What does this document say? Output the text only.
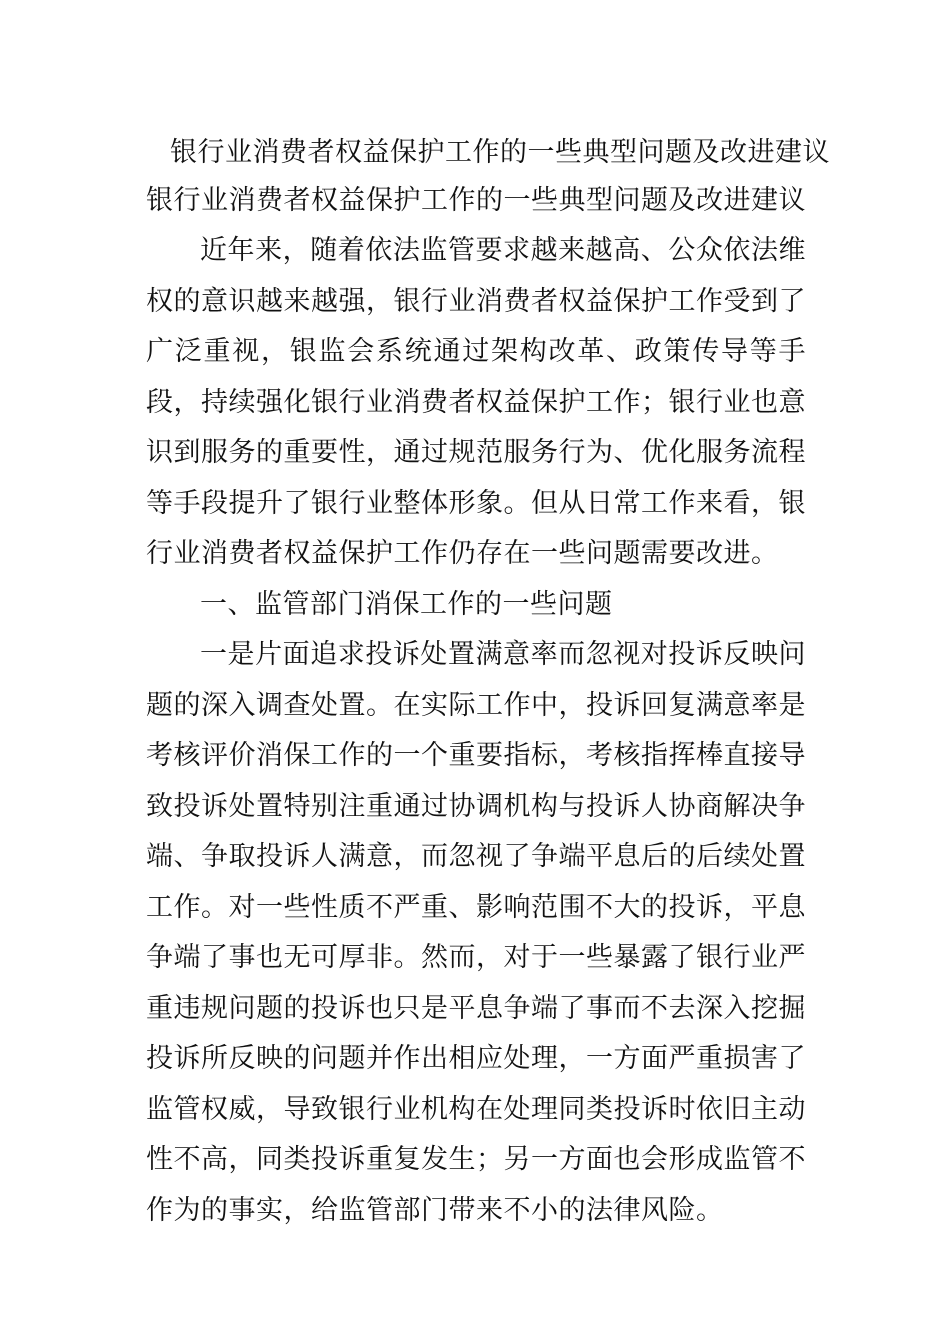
银行业消费者权益保护工作的一些典型问题及改进建议
银行业消费者权益保护工作的一些典型问题及改进建议

近年来，随着依法监管要求越来越高、公众依法维权的意识越来越强，银行业消费者权益保护工作受到了广泛重视，银监会系统通过架构改革、政策传导等手段，持续强化银行业消费者权益保护工作；银行业也意识到服务的重要性，通过规范服务行为、优化服务流程等手段提升了银行业整体形象。但从日常工作来看，银行业消费者权益保护工作仍存在一些问题需要改进。

一、监管部门消保工作的一些问题

一是片面追求投诉处置满意率而忽视对投诉反映问题的深入调查处置。在实际工作中，投诉回复满意率是考核评价消保工作的一个重要指标，考核指挥棒直接导致投诉处置特别注重通过协调机构与投诉人协商解决争端、争取投诉人满意，而忽视了争端平息后的后续处置工作。对一些性质不严重、影响范围不大的投诉，平息争端了事也无可厚非。然而，对于一些暴露了银行业严重违规问题的投诉也只是平息争端了事而不去深入挖掘投诉所反映的问题并作出相应处理，一方面严重损害了监管权威，导致银行业机构在处理同类投诉时依旧主动性不高，同类投诉重复发生；另一方面也会形成监管不作为的事实，给监管部门带来不小的法律风险。
